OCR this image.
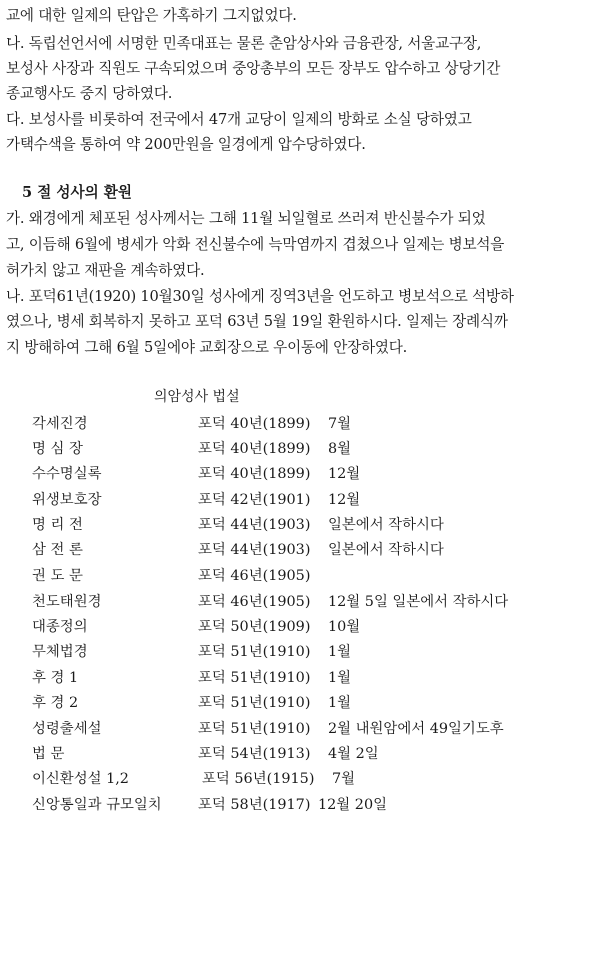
교에 대한 일제의 탄압은 가혹하기 그지없었다.
나. 독립선언서에 서명한 민족대표는 물론 춘암상사와 금융관장, 서울교구장,
보성사 사장과 직원도 구속되었으며 중앙총부의 모든 장부도 압수하고 상당기간
종교행사도 중지 당하였다.
다. 보성사를 비롯하여 전국에서 47개 교당이 일제의 방화로 소실 당하였고
가택수색을 통하여 약 200만원을 일경에게 압수당하였다.
5 절 성사의 환원
가. 왜경에게 체포된 성사께서는 그해 11월 뇌일혈로 쓰러져 반신불수가 되었
고, 이듬해 6월에 병세가 악화 전신불수에 늑막염까지 겹쳤으나 일제는 병보석을
허가치 않고 재판을 계속하였다.
나. 포덕61년(1920) 10월30일 성사에게 징역3년을 언도하고 병보석으로 석방하
였으나, 병세 회복하지 못하고 포덕 63년 5월 19일 환원하시다. 일제는 장례식까
지 방해하여 그해 6월 5일에야 교회장으로 우이동에 안장하였다.
의암성사 법설
각세진경	포덕 40년(1899) 7월
명 심 장	포덕 40년(1899) 8월
수수명실록	포덕 40년(1899) 12월
위생보호장	포덕 42년(1901) 12월
명 리 전	포덕 44년(1903) 일본에서 작하시다
삼 전 론	포덕 44년(1903) 일본에서 작하시다
권 도 문	포덕 46년(1905)
천도태원경	포덕 46년(1905) 12월 5일 일본에서 작하시다
대종정의	포덕 50년(1909) 10월
무체법경	포덕 51년(1910) 1월
후 경 1	포덕 51년(1910) 1월
후 경 2	포덕 51년(1910) 1월
성령출세설	포덕 51년(1910) 2월 내원암에서 49일기도후
법 문	포덕 54년(1913) 4월 2일
이신환성설 1,2	포덕 56년(1915) 7월
신앙통일과 규모일치	포덕 58년(1917) 12월 20일
